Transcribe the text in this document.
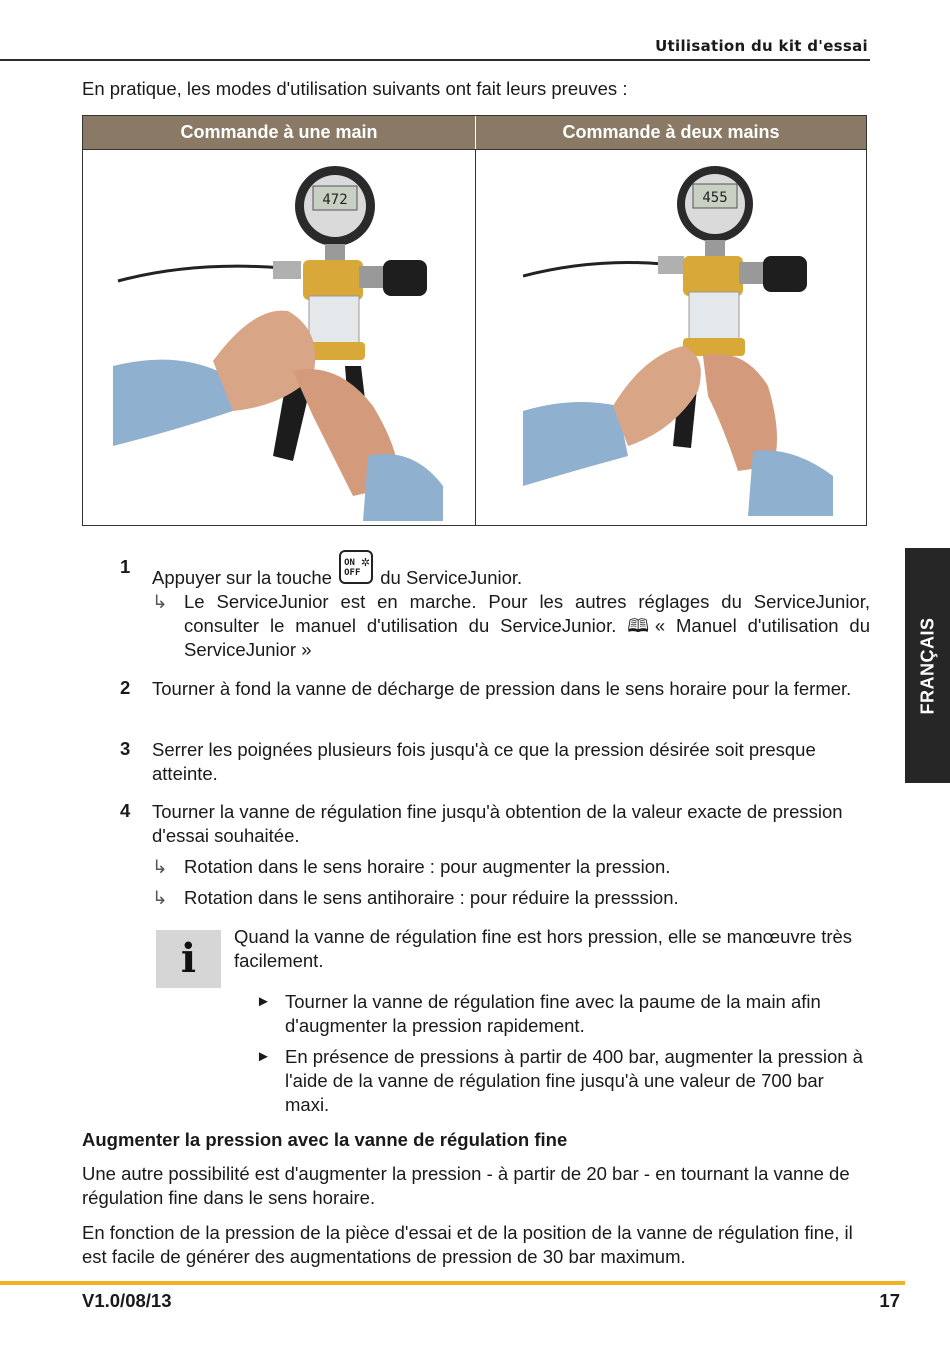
Utilisation du kit d'essai
En pratique, les modes d'utilisation suivants ont fait leurs preuves :
Commande à une main	Commande à deux mains
472	455
1
Appuyer sur la touche
ON OFF
✲
du ServiceJunior.
↳ Le ServiceJunior est en marche. Pour les autres réglages du ServiceJunior, consulter le manuel d'utilisation du ServiceJunior. 🕮« Manuel d'utilisation du ServiceJunior »
2 Tourner à fond la vanne de décharge de pression dans le sens horaire pour la fermer.
3 Serrer les poignées plusieurs fois jusqu'à ce que la pression désirée soit presque atteinte.
4 Tourner la vanne de régulation fine jusqu'à obtention de la valeur exacte de pression d'essai souhaitée.
↳ Rotation dans le sens horaire : pour augmenter la pression.
↳ Rotation dans le sens antihoraire : pour réduire la presssion.
i	Quand la vanne de régulation fine est hors pression, elle se manœuvre très facilement.
► Tourner la vanne de régulation fine avec la paume de la main afin d'augmenter la pression rapidement.
► En présence de pressions à partir de 400 bar, augmenter la pression à l'aide de la vanne de régulation fine jusqu'à une valeur de 700 bar maxi.
Augmenter la pression avec la vanne de régulation fine
Une autre possibilité est d'augmenter la pression - à partir de 20 bar - en tournant la vanne de régulation fine dans le sens horaire.
En fonction de la pression de la pièce d'essai et de la position de la vanne de régulation fine, il est facile de générer des augmentations de pression de 30 bar maximum.
FRANÇAIS
V1.0/08/13	17
